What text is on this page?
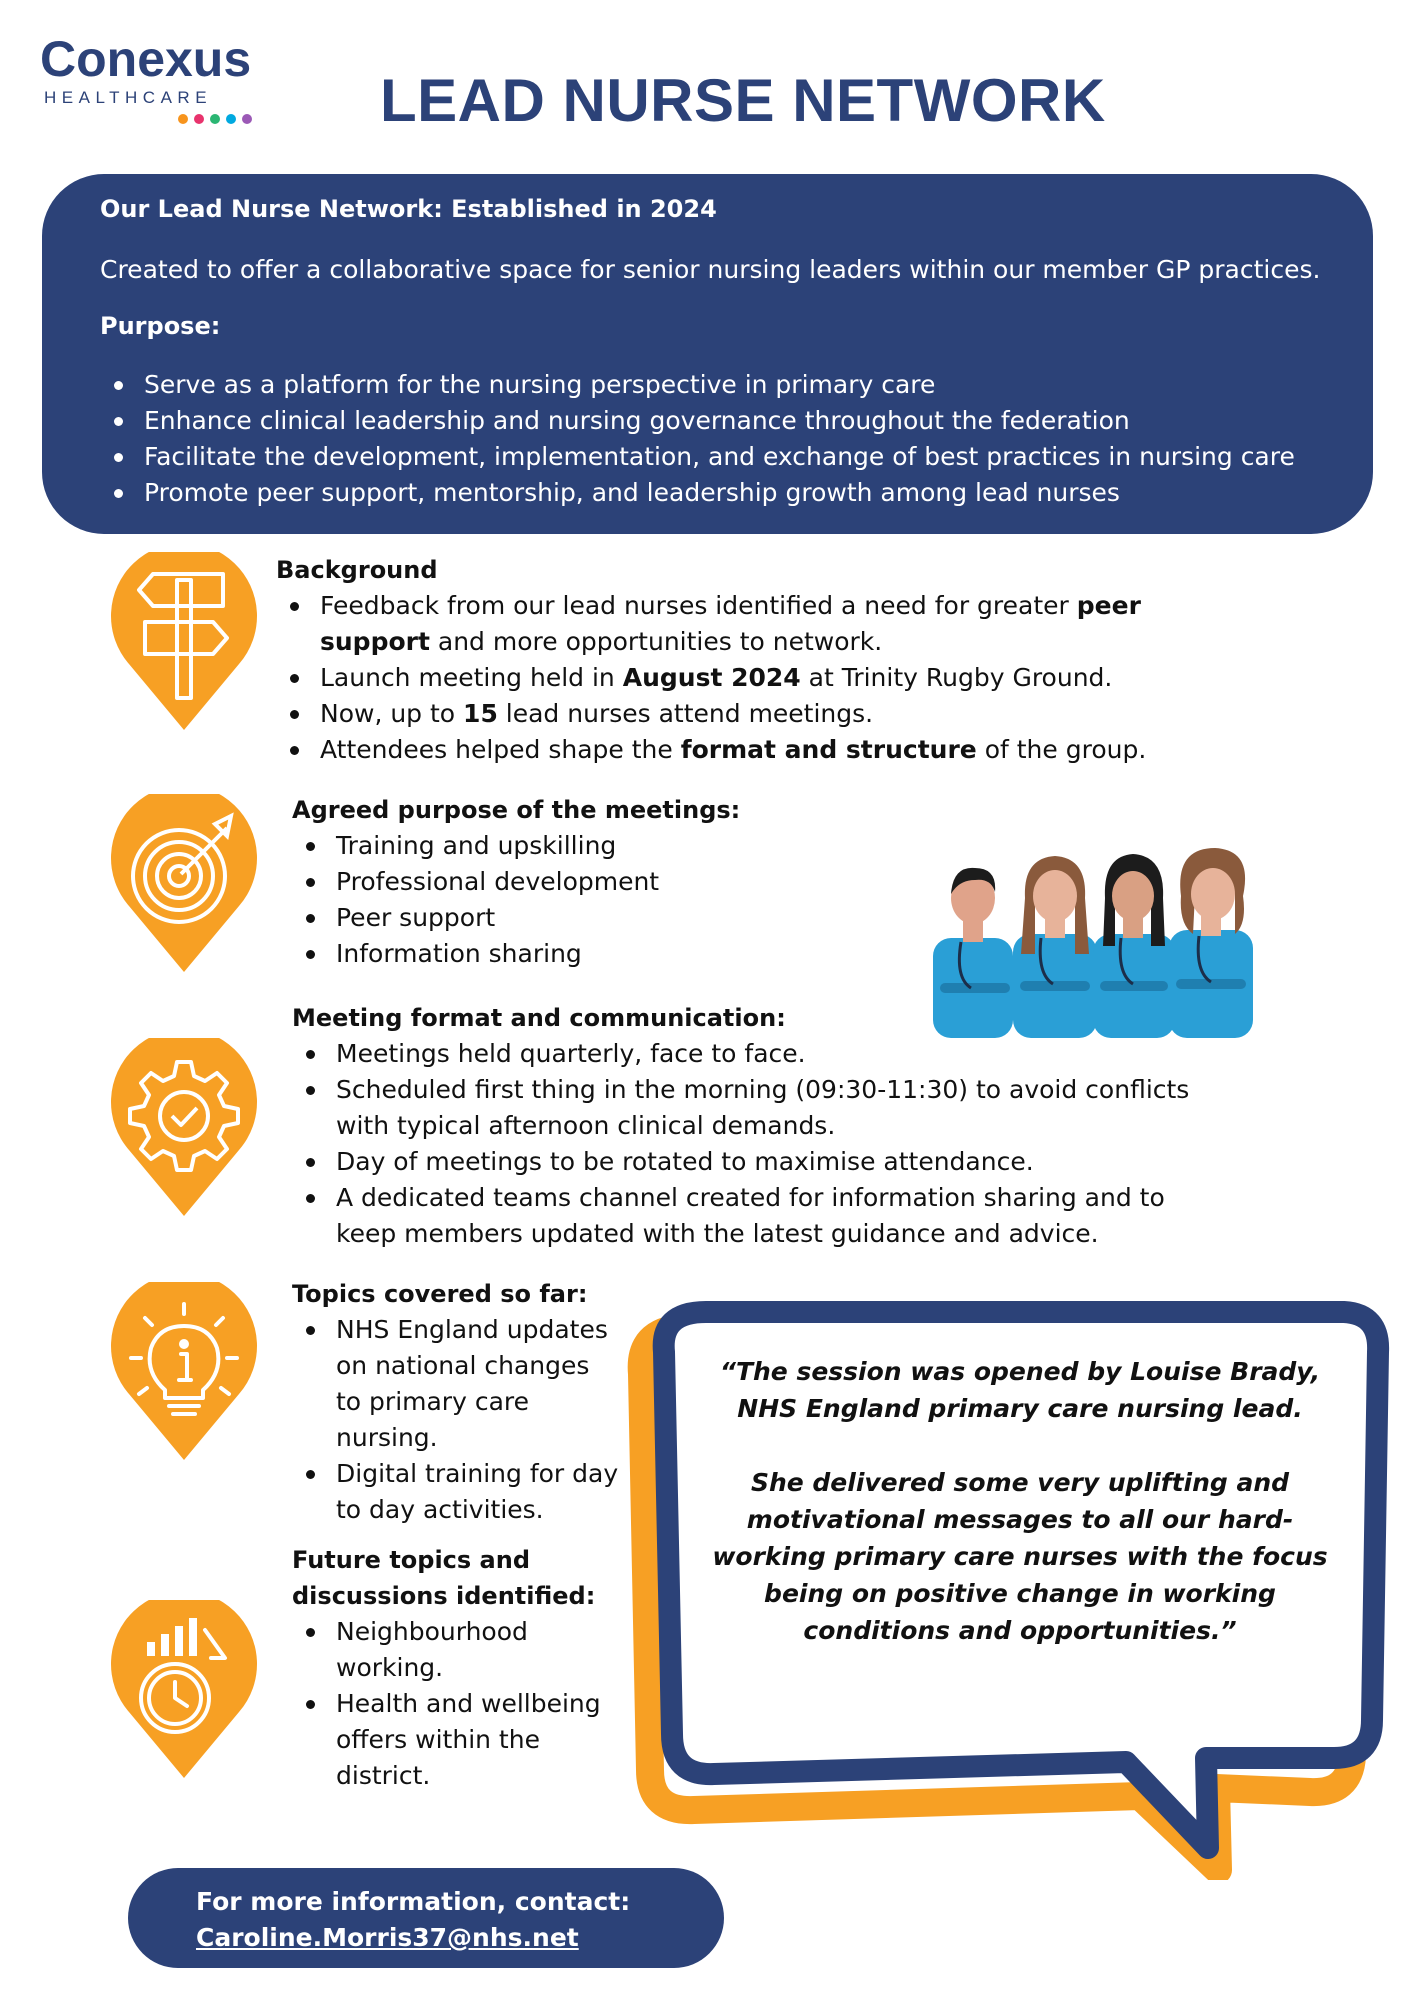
Conexus
HEALTHCARE	LEAD NURSE NETWORK
Our Lead Nurse Network: Established in 2024
Created to offer a collaborative space for senior nursing leaders within our member GP practices.
Purpose:
Serve as a platform for the nursing perspective in primary care
Enhance clinical leadership and nursing governance throughout the federation
Facilitate the development, implementation, and exchange of best practices in nursing care
Promote peer support, mentorship, and leadership growth among lead nurses
Background
Feedback from our lead nurses identified a need for greater peer support and more opportunities to network.
Launch meeting held in August 2024 at Trinity Rugby Ground.
Now, up to 15 lead nurses attend meetings.
Attendees helped shape the format and structure of the group.
Agreed purpose of the meetings:
Training and upskilling
Professional development
Peer support
Information sharing
Meeting format and communication:
Meetings held quarterly, face to face.
Scheduled first thing in the morning (09:30-11:30) to avoid conflicts with typical afternoon clinical demands.
Day of meetings to be rotated to maximise attendance.
A dedicated teams channel created for information sharing and to keep members updated with the latest guidance and advice.
Topics covered so far:
NHS England updates on national changes to primary care nursing.
Digital training for day to day activities.
Future topics and
discussions identified:
Neighbourhood working.
Health and wellbeing offers within the district.

“The session was opened by Louise Brady, NHS England primary care nursing lead.

She delivered some very uplifting and motivational messages to all our hard-working primary care nurses with the focus being on positive change in working conditions and opportunities.”

For more information, contact:
Caroline.Morris37@nhs.net
